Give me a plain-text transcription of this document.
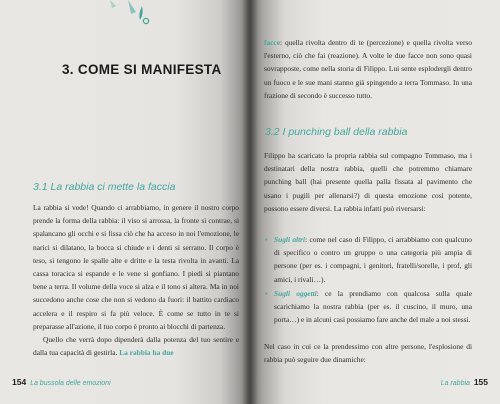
3. COME SI MANIFESTA
3.1 La rabbia ci mette la faccia

La rabbia si vede! Quando ci arrabbiamo, in genere il nostro corpo prende la forma della rabbia: il viso si arrossa, la fronte si contrae, si spalancano gli occhi e si fissa ciò che ha acceso in noi l'emozione, le narici si dilatano, la bocca si chiude e i denti si serrano. Il corpo è teso, si tengono le spalle alte e dritte e la testa rivolta in avanti. La cassa toracica si espande e le vene si gonfiano. I piedi si piantano bene a terra. Il volume della voce si alza e il tono si altera. Ma in noi succedono anche cose che non si vedono da fuori: il battito cardiaco accelera e il respiro si fa più veloce. È come se tutto in te si preparasse all'azione, il tuo corpo è pronto ai blocchi di partenza.

Quello che verrà dopo dipenderà dalla potenza del tuo sentire e dalla tua capacità di gestirla. La rabbia ha due

154 La bussola delle emozioni

facce: quella rivolta dentro di te (percezione) e quella rivolta verso l'esterno, ciò che fai (reazione). A volte le due facce non sono quasi sovrapposte, come nella storia di Filippo. Lui sente esplodergli dentro un fuoco e le sue mani stanno già spingendo a terra Tommaso. In una frazione di secondo è successo tutto.

3.2 I punching ball della rabbia

Filippo ha scaricato la propria rabbia sul compagno Tommaso, ma i destinatari della nostra rabbia, quelli che potremmo chiamare punching ball (hai presente quella palla fissata al pavimento che usano i pugili per allenarsi?) di questa emozione così potente, possono essere diversi. La rabbia infatti può riversarsi:

• Sugli altri: come nel caso di Filippo, ci arrabbiamo con qualcuno di specifico o contro un gruppo o una categoria più ampia di persone (per es. i compagni, i genitori, fratelli/sorelle, i prof, gli amici, i rivali…).
• Sugli oggetti: ce la prendiamo con qualcosa sulla quale scarichiamo la nostra rabbia (per es. il cuscino, il muro, una porta…) e in alcuni casi possiamo fare anche del male a noi stessi.

Nel caso in cui ce la prendessimo con altre persone, l'esplosione di rabbia può seguire due dinamiche:

La rabbia 155
